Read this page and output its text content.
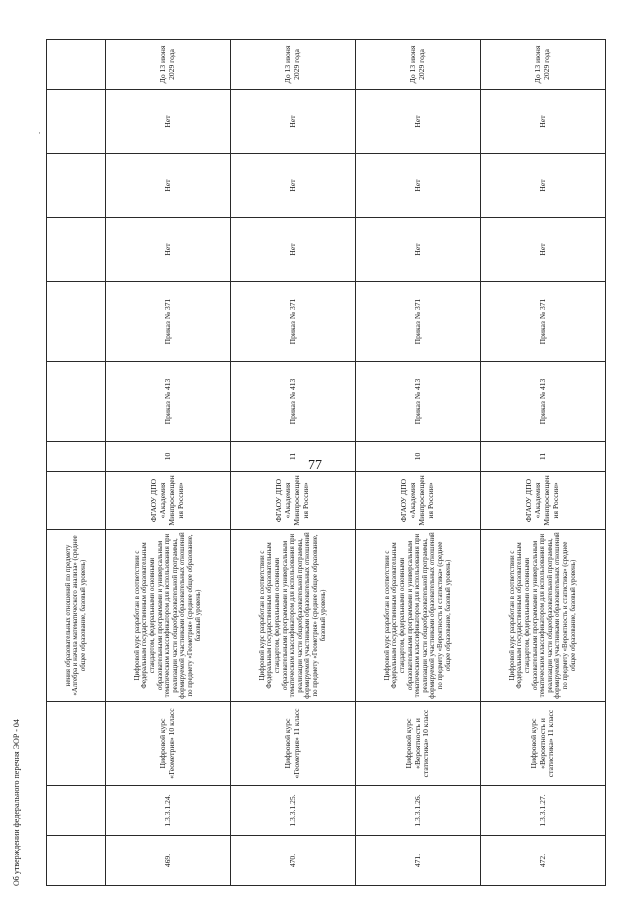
77
·
			нения образовательных отношений по предмету «Алгебра и начала математического анализа» (среднее общее образование, базовый уровень)								
469.	1.3.3.1.24.	Цифровой курс «Геометрия» 10 класс	Цифровой курс разработан в соответствии с Федеральным государственным образовательным стандартом, федеральными основными образовательными программами и универсальным тематическим классификатором для использования при реализации части общеобразовательной программы, формируемой участниками образовательных отношений по предмету «Геометрия» (среднее общее образование, базовый уровень)	ФГАОУ ДПО «Академия Минпросвещения России»	10	Приказ № 413	Приказ № 371	Нет	Нет	Нет	До 13 июня 2029 года
470.	1.3.3.1.25.	Цифровой курс «Геометрия» 11 класс	Цифровой курс разработан в соответствии с Федеральным государственным образовательным стандартом, федеральными основными образовательными программами и универсальным тематическим классификатором для использования при реализации части общеобразовательной программы, формируемой участниками образовательных отношений по предмету «Геометрия» (среднее общее образование, базовый уровень)	ФГАОУ ДПО «Академия Минпросвещения России»	11	Приказ № 413	Приказ № 371	Нет	Нет	Нет	До 13 июня 2029 года
471.	1.3.3.1.26.	Цифровой курс «Вероятность и статистика» 10 класс	Цифровой курс разработан в соответствии с Федеральным государственным образовательным стандартом, федеральными основными образовательными программами и универсальным тематическим классификатором для использования при реализации части общеобразовательной программы, формируемой участниками образовательных отношений по предмету «Вероятность и статистика» (среднее общее образование, базовый уровень)	ФГАОУ ДПО «Академия Минпросвещения России»	10	Приказ № 413	Приказ № 371	Нет	Нет	Нет	До 13 июня 2029 года
472.	1.3.3.1.27.	Цифровой курс «Вероятность и статистика» 11 класс	Цифровой курс разработан в соответствии с Федеральным государственным образовательным стандартом, федеральными основными образовательными программами и универсальным тематическим классификатором для использования при реализации части общеобразовательной программы, формируемой участниками образовательных отношений по предмету «Вероятность и статистика» (среднее общее образование, базовый уровень)	ФГАОУ ДПО «Академия Минпросвещения России»	11	Приказ № 413	Приказ № 371	Нет	Нет	Нет	До 13 июня 2029 года
Об утверждении федерального перечня ЭОР - 04
